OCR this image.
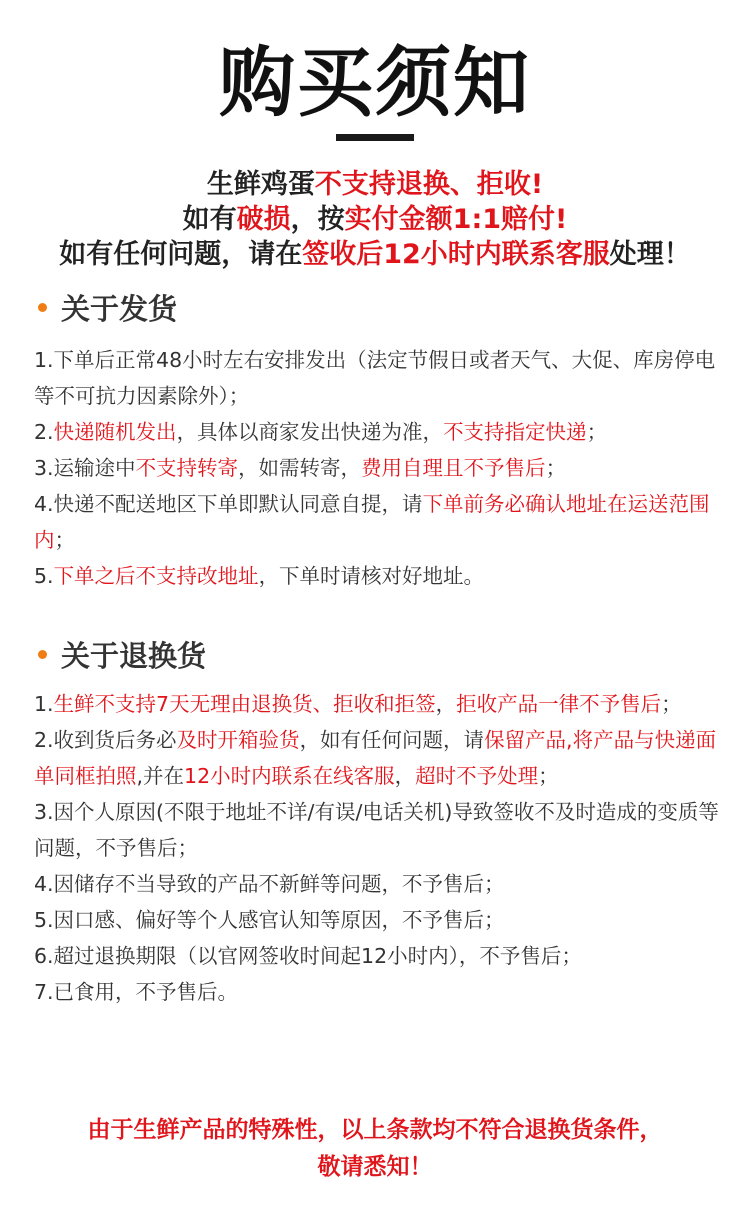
购买须知
生鲜鸡蛋不支持退换、拒收!
如有破损，按实付金额1:1赔付!
如有任何问题，请在签收后12小时内联系客服处理！
关于发货

1.下单后正常48小时左右安排发出（法定节假日或者天气、大促、库房停电等不可抗力因素除外）；

2.快递随机发出，具体以商家发出快递为准，不支持指定快递；

3.运输途中不支持转寄，如需转寄，费用自理且不予售后；

4.快递不配送地区下单即默认同意自提，请下单前务必确认地址在运送范围内；

5.下单之后不支持改地址，下单时请核对好地址。

关于退换货

1.生鲜不支持7天无理由退换货、拒收和拒签，拒收产品一律不予售后；

2.收到货后务必及时开箱验货，如有任何问题，请保留产品,将产品与快递面单同框拍照,并在12小时内联系在线客服，超时不予处理；

3.因个人原因(不限于地址不详/有误/电话关机)导致签收不及时造成的变质等问题，不予售后；

4.因储存不当导致的产品不新鲜等问题，不予售后；

5.因口感、偏好等个人感官认知等原因，不予售后；

6.超过退换期限（以官网签收时间起12小时内），不予售后；

7.已食用，不予售后。

由于生鲜产品的特殊性，以上条款均不符合退换货条件，
敬请悉知！
